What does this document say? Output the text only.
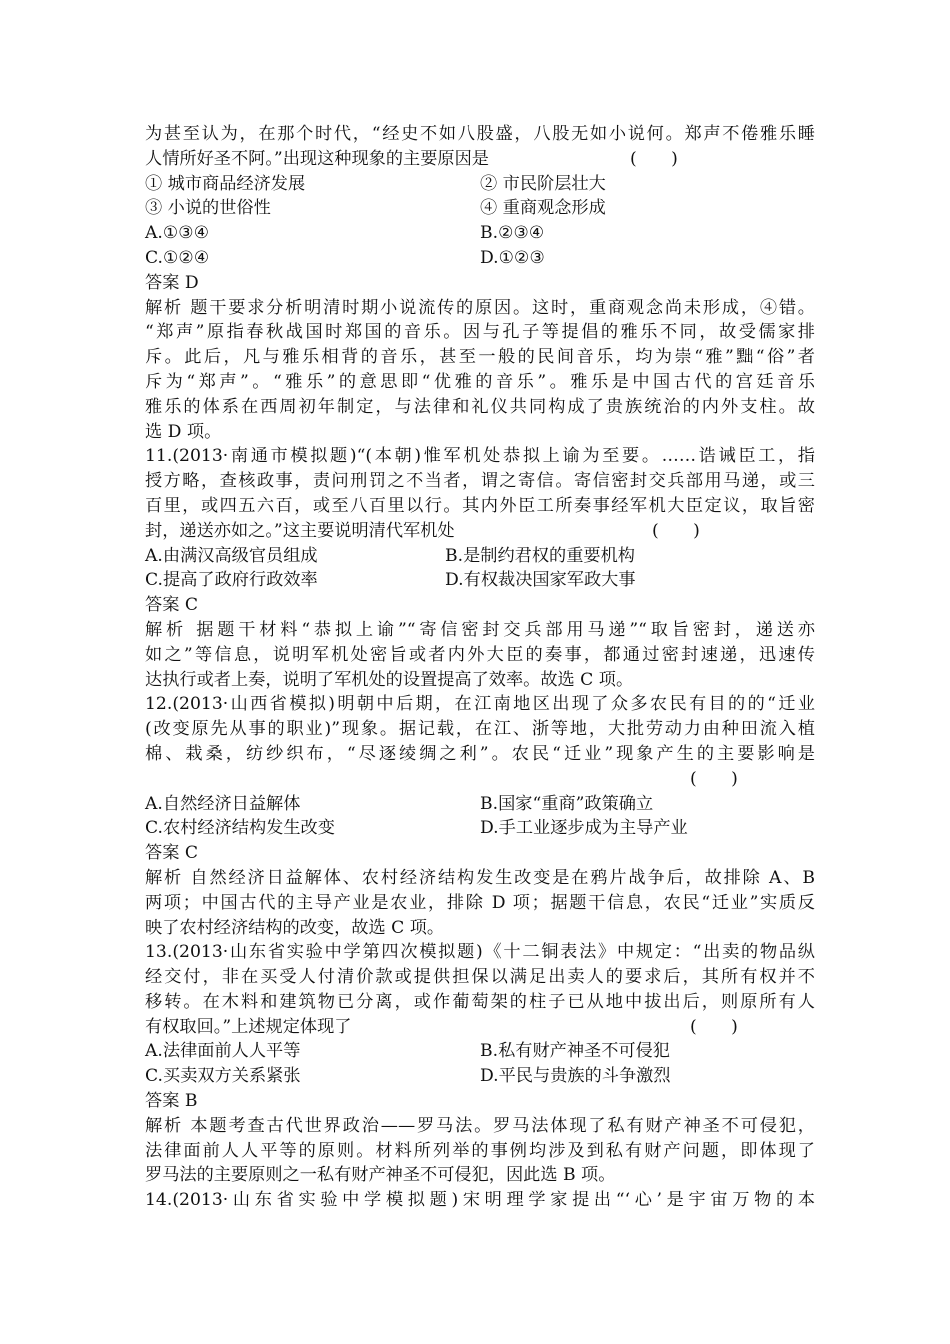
为甚至认为，在那个时代，“经史不如八股盛，八股无如小说何。郑声不倦雅乐睡
人情所好圣不阿。”出现这种现象的主要原因是	(　　)
① 城市商品经济发展	② 市民阶层壮大
③ 小说的世俗性	④ 重商观念形成
A.①③④	B.②③④
C.①②④	D.①②③
答案 D
解析 题干要求分析明清时期小说流传的原因。这时，重商观念尚未形成，④错。
“郑声”原指春秋战国时郑国的音乐。因与孔子等提倡的雅乐不同，故受儒家排
斥。此后，凡与雅乐相背的音乐，甚至一般的民间音乐，均为崇“雅”黜“俗”者
斥为“郑声”。“雅乐”的意思即“优雅的音乐”。雅乐是中国古代的宫廷音乐
雅乐的体系在西周初年制定，与法律和礼仪共同构成了贵族统治的内外支柱。故
选 D 项。
11.(2013·南通市模拟题)“(本朝)惟军机处恭拟上谕为至要。……诰诫臣工，指
授方略，查核政事，责问刑罚之不当者，谓之寄信。寄信密封交兵部用马递，或三
百里，或四五六百，或至八百里以行。其内外臣工所奏事经军机大臣定议，取旨密
封，递送亦如之。”这主要说明清代军机处	(　　)
A.由满汉高级官员组成	B.是制约君权的重要机构
C.提高了政府行政效率	D.有权裁决国家军政大事
答案 C
解析 据题干材料“恭拟上谕”“寄信密封交兵部用马递”“取旨密封，递送亦
如之”等信息，说明军机处密旨或者内外大臣的奏事，都通过密封速递，迅速传
达执行或者上奏，说明了军机处的设置提高了效率。故选 C 项。
12.(2013·山西省模拟)明朝中后期，在江南地区出现了众多农民有目的的“迁业
(改变原先从事的职业)”现象。据记载，在江、浙等地，大批劳动力由种田流入植
棉、栽桑，纺纱织布，“尽逐绫绸之利”。农民“迁业”现象产生的主要影响是
(　　)
A.自然经济日益解体	B.国家“重商”政策确立
C.农村经济结构发生改变	D.手工业逐步成为主导产业
答案 C
解析 自然经济日益解体、农村经济结构发生改变是在鸦片战争后，故排除 A、B
两项；中国古代的主导产业是农业，排除 D 项；据题干信息，农民“迁业”实质反
映了农村经济结构的改变，故选 C 项。
13.(2013·山东省实验中学第四次模拟题)《十二铜表法》中规定：“出卖的物品纵
经交付，非在买受人付清价款或提供担保以满足出卖人的要求后，其所有权并不
移转。在木料和建筑物已分离，或作葡萄架的柱子已从地中拔出后，则原所有人
有权取回。”上述规定体现了	(　　)
A.法律面前人人平等	B.私有财产神圣不可侵犯
C.买卖双方关系紧张	D.平民与贵族的斗争激烈
答案 B
解析 本题考查古代世界政治——罗马法。罗马法体现了私有财产神圣不可侵犯，
法律面前人人平等的原则。材料所列举的事例均涉及到私有财产问题，即体现了
罗马法的主要原则之一私有财产神圣不可侵犯，因此选 B 项。
14.(2013·山东省实验中学模拟题)宋明理学家提出“‘心’是宇宙万物的本
